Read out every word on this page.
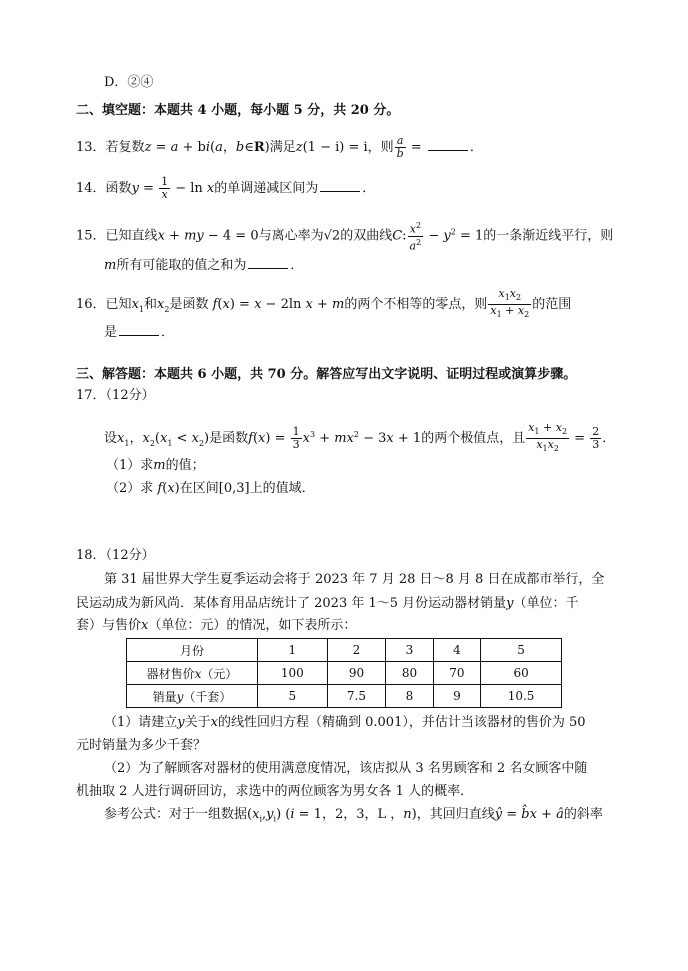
D．②④
二、填空题：本题共 4 小题，每小题 5 分，共 20 分。
13．若复数z = a + bi(a，b∈R)满足z(1 − i) = i，则 $\frac{a}{b}$ =	．
14．函数$y = \frac{1}{x} - \ln x$的单调递减区间为	．
15．已知直线x + my − 4 = 0与离心率为√2的双曲线C: $\frac{x^2}{a^2} - y^2 = 1$的一条渐近线平行，则
m所有可能取的值之和为	．
16．已知$x_1$和$x_2$是函数 f(x) = x − 2ln x + m的两个不相等的零点，则 $\frac{x_1x_2}{x_1 + x_2}$ 的范围
是	．
三、解答题：本题共 6 小题，共 70 分。解答应写出文字说明、证明过程或演算步骤。
17．（12分）
设$x_1$，$x_2(x_1 < x_2)$是函数$f(x) = \frac{1}{3} x^3 + mx^2 - 3x + 1$的两个极值点，且 $\frac{x_1 + x_2}{x_1x_2} = \frac{2}{3}$ ．
（1）求m的值；
（2）求 f(x)在区间[0,3]上的值域．
18．（12分）
第 31 届世界大学生夏季运动会将于 2023 年 7 月 28 日～8 月 8 日在成都市举行，全
民运动成为新风尚．某体育用品店统计了 2023 年 1～5 月份运动器材销量y（单位：千
套）与售价x（单位：元）的情况，如下表所示：
月份	1	2	3	4	5
器材售价x（元）	100	90	80	70	60
销量y（千套）	5	7.5	8	9	10.5
（1）请建立y关于x的线性回归方程（精确到 0.001），并估计当该器材的售价为 50
元时销量为多少千套？
（2）为了解顾客对器材的使用满意度情况，该店拟从 3 名男顾客和 2 名女顾客中随
机抽取 2 人进行调研回访，求选中的两位顾客为男女各 1 人的概率．
参考公式：对于一组数据$(x_i,y_i) (i = 1$，2，3，L ，n)，其回归直线ŷ = b̂x + â的斜率
